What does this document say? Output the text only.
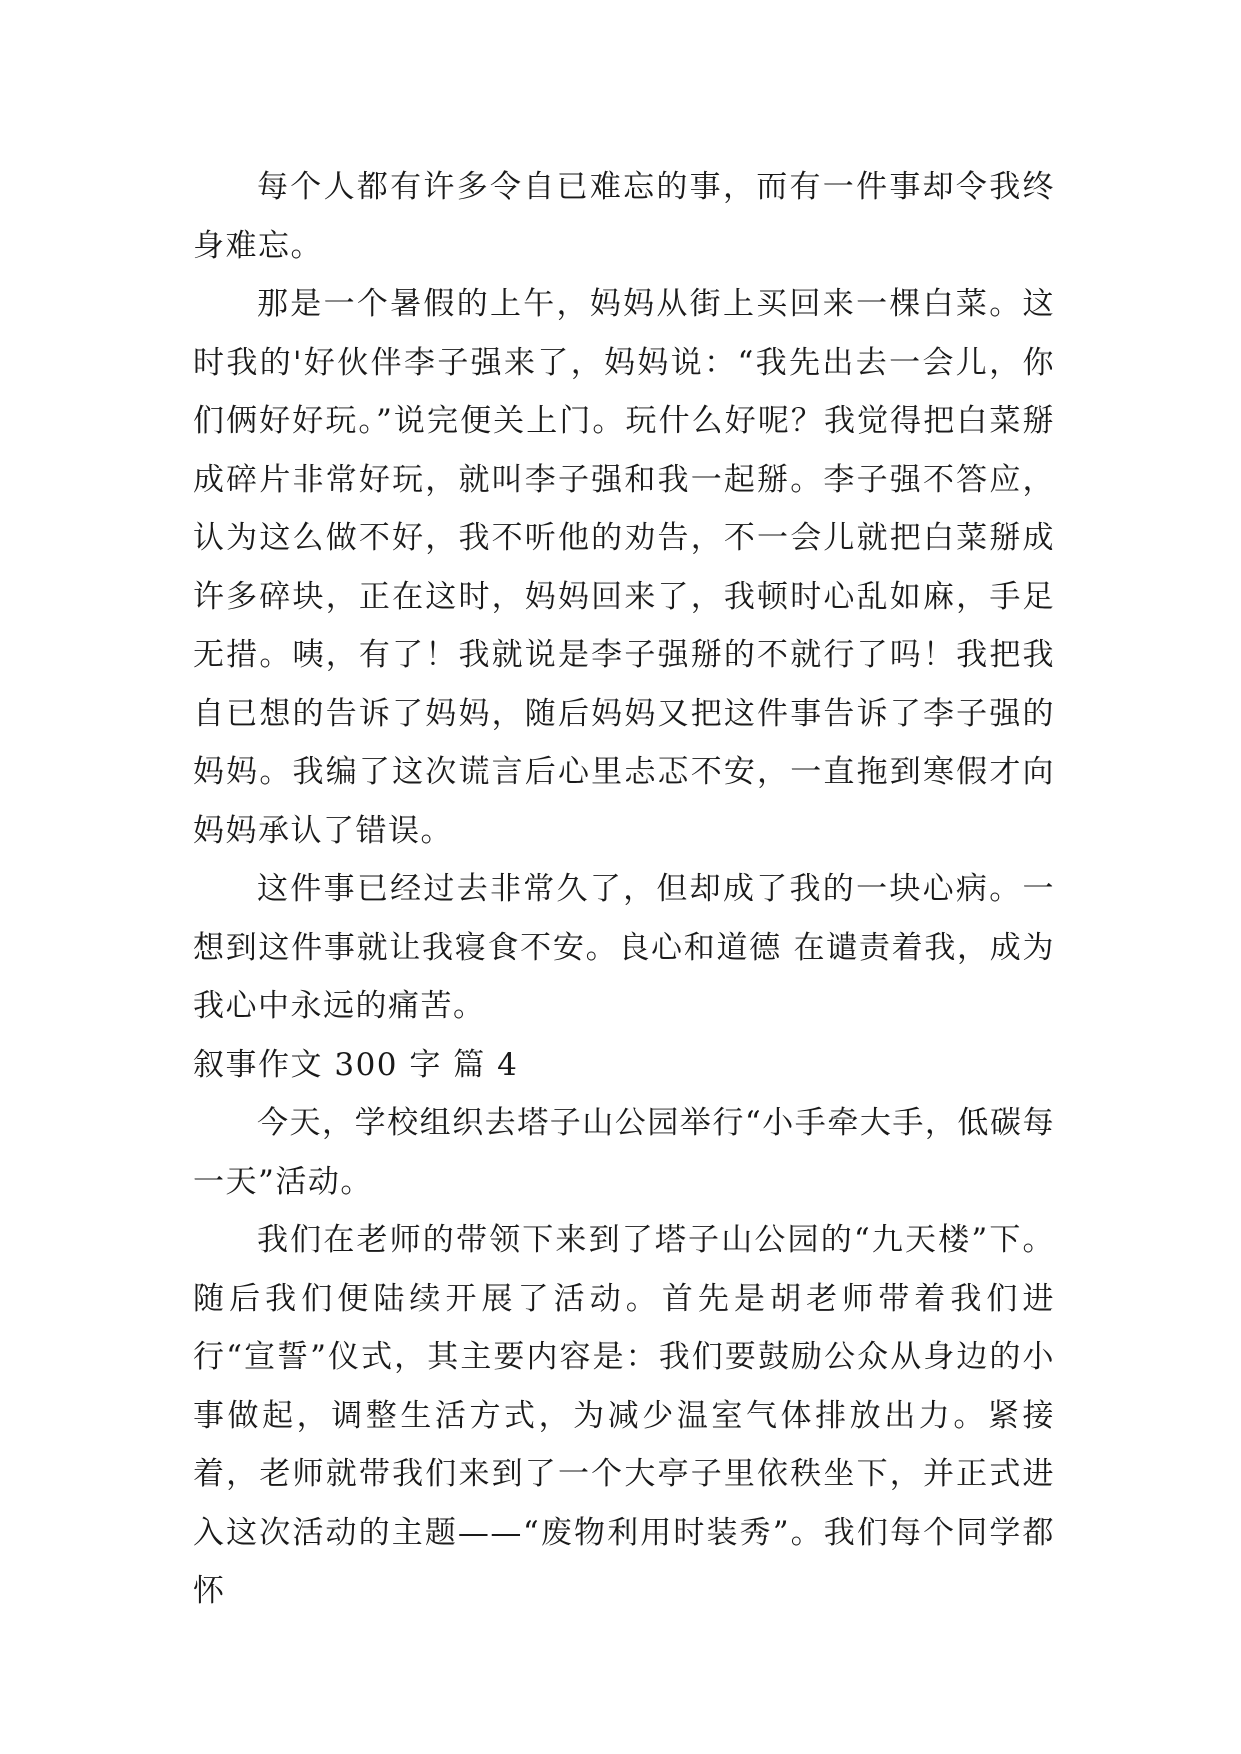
每个人都有许多令自已难忘的事，而有一件事却令我终身难忘。

那是一个暑假的上午，妈妈从街上买回来一棵白菜。这时我的'好伙伴李子强来了，妈妈说：“我先出去一会儿，你们俩好好玩。”说完便关上门。玩什么好呢？我觉得把白菜掰成碎片非常好玩，就叫李子强和我一起掰。李子强不答应，认为这么做不好，我不听他的劝告，不一会儿就把白菜掰成许多碎块，正在这时，妈妈回来了，我顿时心乱如麻，手足无措。咦，有了！我就说是李子强掰的不就行了吗！我把我自已想的告诉了妈妈，随后妈妈又把这件事告诉了李子强的妈妈。我编了这次谎言后心里忐忑不安，一直拖到寒假才向妈妈承认了错误。

这件事已经过去非常久了，但却成了我的一块心病。一想到这件事就让我寝食不安。良心和道德 在谴责着我，成为我心中永远的痛苦。

叙事作文 300 字 篇 4

今天，学校组织去塔子山公园举行“小手牵大手，低碳每一天”活动。

我们在老师的带领下来到了塔子山公园的“九天楼”下。随后我们便陆续开展了活动。首先是胡老师带着我们进行“宣誓”仪式，其主要内容是：我们要鼓励公众从身边的小事做起，调整生活方式，为减少温室气体排放出力。紧接着，老师就带我们来到了一个大亭子里依秩坐下，并正式进入这次活动的主题——“废物利用时装秀”。我们每个同学都怀
